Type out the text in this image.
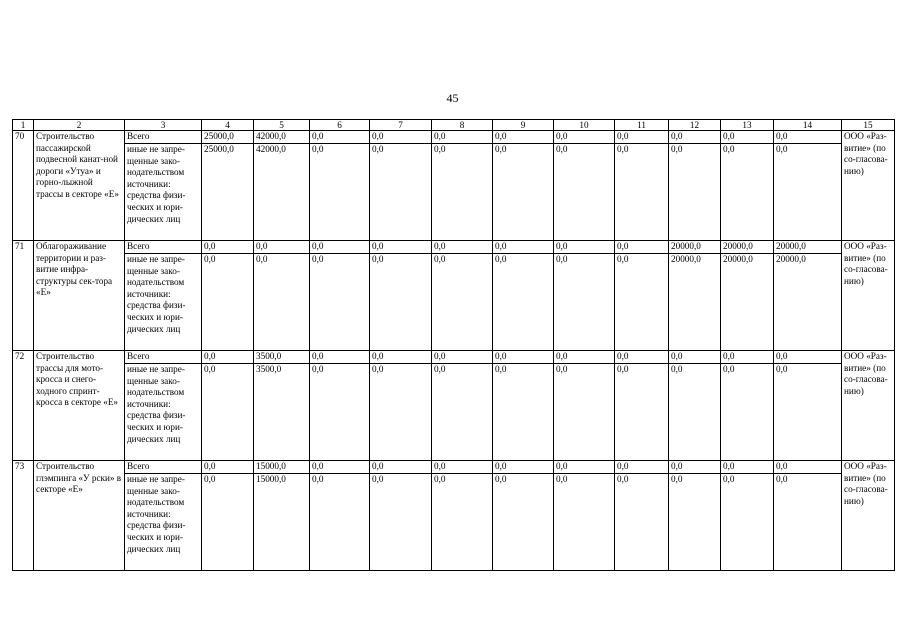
45
1	2	3	4	5	6	7	8	9	10	11	12	13	14	15
70	Строительство пассажирской подвесной канат-ной дороги «Утуа» и горно-лыжной трассы в секторе «Е»	Всего	25000,0	42000,0	0,0	0,0	0,0	0,0	0,0	0,0	0,0	0,0	0,0	ООО «Раз-витие» (по со-гласова-нию)
		иные не запре-щенные зако-нодательством источники: средства физи-ческих и юри-дических лиц	25000,0	42000,0	0,0	0,0	0,0	0,0	0,0	0,0	0,0	0,0	0,0	
71	Облагораживание территории и раз-витие инфра-структуры сек-тора «Е»	Всего	0,0	0,0	0,0	0,0	0,0	0,0	0,0	0,0	20000,0	20000,0	20000,0	ООО «Раз-витие» (по со-гласова-нию)
		иные не запре-щенные зако-нодательством источники: средства физи-ческих и юри-дических лиц	0,0	0,0	0,0	0,0	0,0	0,0	0,0	0,0	20000,0	20000,0	20000,0	
72	Строительство трассы для мото-кросса и снего-ходного спринт-кросса в секторе «Е»	Всего	0,0	3500,0	0,0	0,0	0,0	0,0	0,0	0,0	0,0	0,0	0,0	ООО «Раз-витие» (по со-гласова-нию)
		иные не запре-щенные зако-нодательством источники: средства физи-ческих и юри-дических лиц	0,0	3500,0	0,0	0,0	0,0	0,0	0,0	0,0	0,0	0,0	0,0	
73	Строительство глэмпинга «У рски» в секторе «Е»	Всего	0,0	15000,0	0,0	0,0	0,0	0,0	0,0	0,0	0,0	0,0	0,0	ООО «Раз-витие» (по со-гласова-нию)
		иные не запре-щенные зако-нодательством источники: средства физи-ческих и юри-дических лиц	0,0	15000,0	0,0	0,0	0,0	0,0	0,0	0,0	0,0	0,0	0,0	
